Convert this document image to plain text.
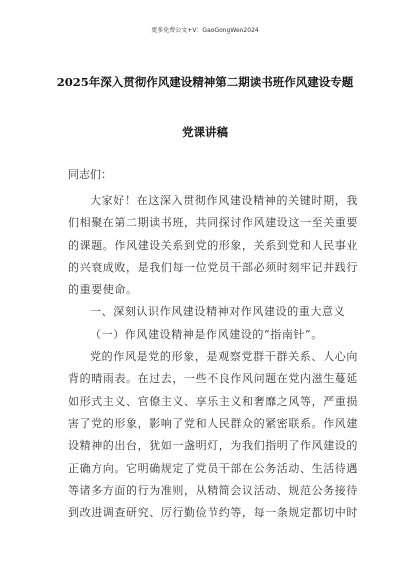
更多免费公文+V：GaoGongWen2024
2025年深入贯彻作风建设精神第二期读书班作风建设专题
党课讲稿
同志们：

大家好！在这深入贯彻作风建设精神的关键时期，我们相聚在第二期读书班，共同探讨作风建设这一至关重要的课题。作风建设关系到党的形象，关系到党和人民事业的兴衰成败，是我们每一位党员干部必须时刻牢记并践行的重要使命。

一、深刻认识作风建设精神对作风建设的重大意义

（一）作风建设精神是作风建设的“指南针”。

党的作风是党的形象，是观察党群干群关系、人心向背的晴雨表。在过去，一些不良作风问题在党内滋生蔓延如形式主义、官僚主义、享乐主义和奢靡之风等，严重损害了党的形象，影响了党和人民群众的紧密联系。作风建设精神的出台，犹如一盏明灯，为我们指明了作风建设的正确方向。它明确规定了党员干部在公务活动、生活待遇等诸多方面的行为准则，从精简会议活动、规范公务接待到改进调查研究、厉行勤俭节约等，每一条规定都切中时
